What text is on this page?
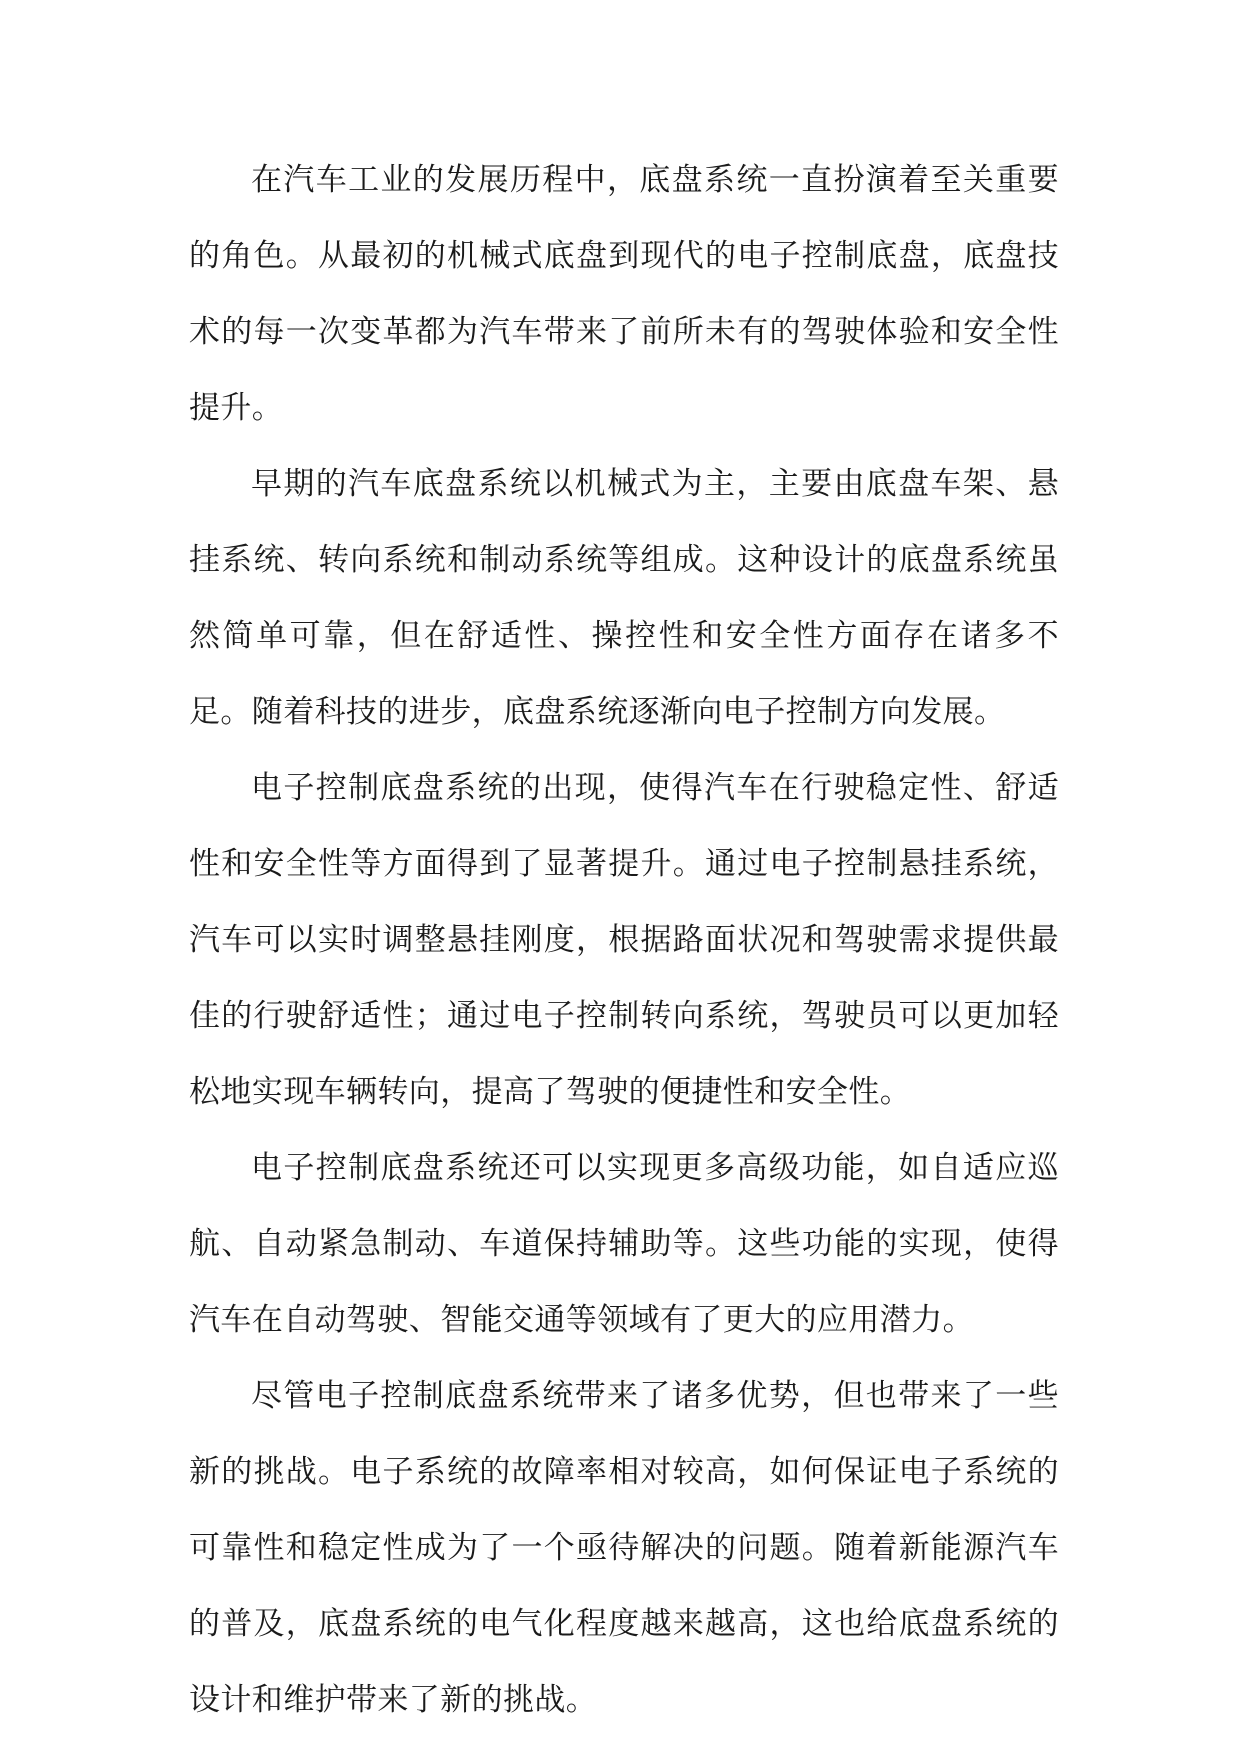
在汽车工业的发展历程中，底盘系统一直扮演着至关重要的角色。从最初的机械式底盘到现代的电子控制底盘，底盘技术的每一次变革都为汽车带来了前所未有的驾驶体验和安全性提升。

早期的汽车底盘系统以机械式为主，主要由底盘车架、悬挂系统、转向系统和制动系统等组成。这种设计的底盘系统虽然简单可靠，但在舒适性、操控性和安全性方面存在诸多不足。随着科技的进步，底盘系统逐渐向电子控制方向发展。

电子控制底盘系统的出现，使得汽车在行驶稳定性、舒适性和安全性等方面得到了显著提升。通过电子控制悬挂系统，汽车可以实时调整悬挂刚度，根据路面状况和驾驶需求提供最佳的行驶舒适性；通过电子控制转向系统，驾驶员可以更加轻松地实现车辆转向，提高了驾驶的便捷性和安全性。

电子控制底盘系统还可以实现更多高级功能，如自适应巡航、自动紧急制动、车道保持辅助等。这些功能的实现，使得汽车在自动驾驶、智能交通等领域有了更大的应用潜力。

尽管电子控制底盘系统带来了诸多优势，但也带来了一些新的挑战。电子系统的故障率相对较高，如何保证电子系统的可靠性和稳定性成为了一个亟待解决的问题。随着新能源汽车的普及，底盘系统的电气化程度越来越高，这也给底盘系统的设计和维护带来了新的挑战。
